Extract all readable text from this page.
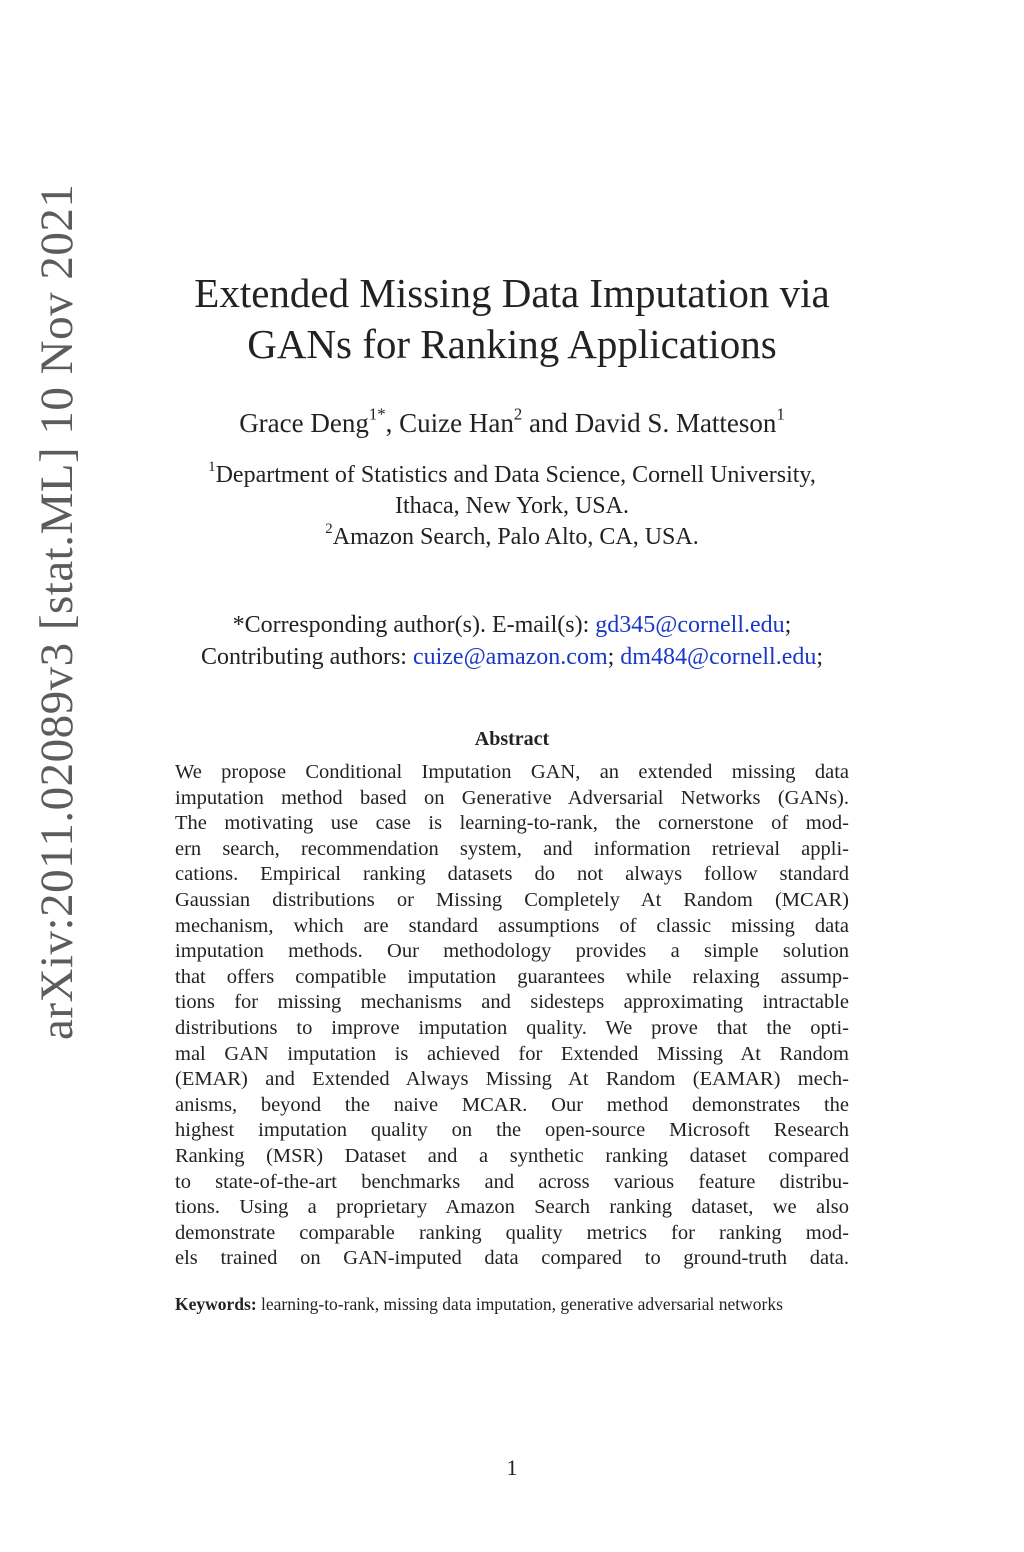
arXiv:2011.02089v3 [stat.ML] 10 Nov 2021	Extended Missing Data Imputation via
GANs for Ranking Applications
Grace Deng$^{1*}$, Cuize Han$^2$ and David S. Matteson$^1$
$^1$Department of Statistics and Data Science, Cornell University,
Ithaca, New York, USA.
$^2$Amazon Search, Palo Alto, CA, USA.
*Corresponding author(s). E-mail(s): gd345@cornell.edu;
Contributing authors: cuize@amazon.com; dm484@cornell.edu;
Abstract
We propose Conditional Imputation GAN, an extended missing data
imputation method based on Generative Adversarial Networks (GANs).
The motivating use case is learning-to-rank, the cornerstone of mod-
ern search, recommendation system, and information retrieval appli-
cations. Empirical ranking datasets do not always follow standard
Gaussian distributions or Missing Completely At Random (MCAR)
mechanism, which are standard assumptions of classic missing data
imputation methods. Our methodology provides a simple solution
that offers compatible imputation guarantees while relaxing assump-
tions for missing mechanisms and sidesteps approximating intractable
distributions to improve imputation quality. We prove that the opti-
mal GAN imputation is achieved for Extended Missing At Random
(EMAR) and Extended Always Missing At Random (EAMAR) mech-
anisms, beyond the naive MCAR. Our method demonstrates the
highest imputation quality on the open-source Microsoft Research
Ranking (MSR) Dataset and a synthetic ranking dataset compared
to state-of-the-art benchmarks and across various feature distribu-
tions. Using a proprietary Amazon Search ranking dataset, we also
demonstrate comparable ranking quality metrics for ranking mod-
els trained on GAN-imputed data compared to ground-truth data.
Keywords: learning-to-rank, missing data imputation, generative adversarial networks
1
